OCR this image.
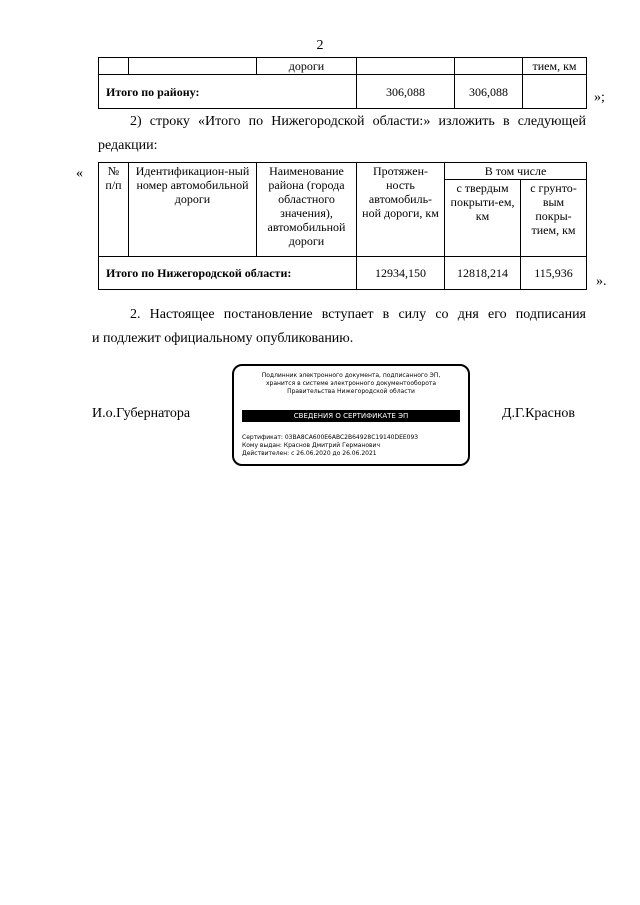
2
		дороги			тием, км
Итого по району:			306,088	306,088		»;
2) строку «Итого по Нижегородской области:» изложить в следующей
редакции:
« № п/п	Идентификацион-ный номер автомобильной дороги	Наименование района (города областного значения), автомобильной дороги	Протяжен-ность автомобиль-ной дороги, км	В том числе	
				с твердым покрыти-ем, км	с грунто-вым покры-тием, км
Итого по Нижегородской области:			12934,150	12818,214	115,936
».
2. Настоящее постановление вступает в силу со дня его подписания
и подлежит официальному опубликованию.
И.о.Губернатора
Подлинник электронного документа, подписанного ЭП,
хранится в системе электронного документооборота
Правительства Нижегородской области
СВЕДЕНИЯ О СЕРТИФИКАТЕ ЭП
Сертификат: 03BA8CA600E6ABC2B64928C19140DEE093
Кому выдан: Краснов Дмитрий Германович
Действителен: с 26.06.2020 до 26.06.2021
Д.Г.Краснов
